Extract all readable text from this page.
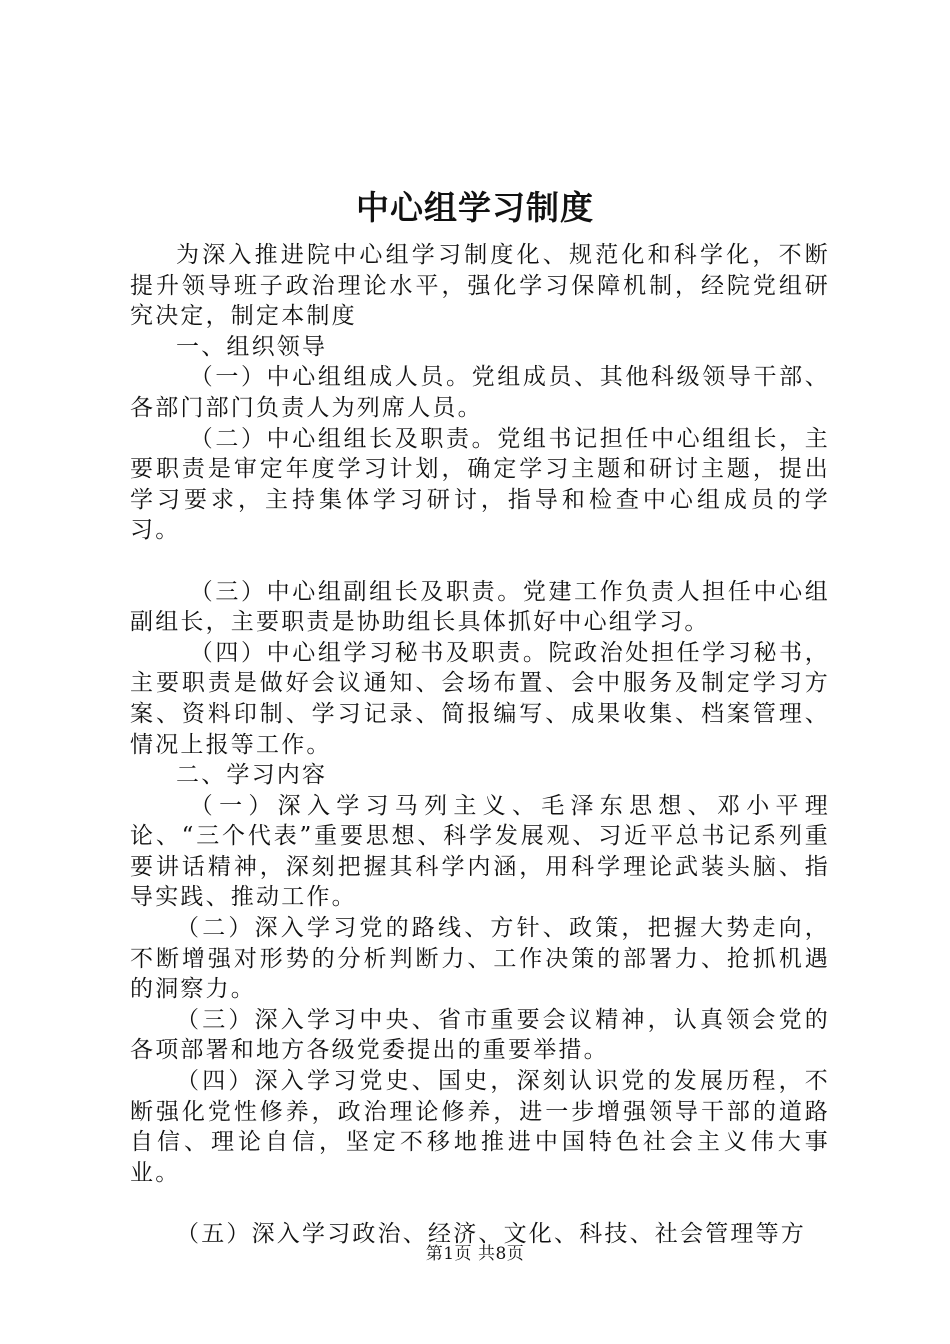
中心组学习制度

为深入推进院中心组学习制度化、规范化和科学化，不断提升领导班子政治理论水平，强化学习保障机制，经院党组研究决定，制定本制度

一、组织领导

（一）中心组组成人员。党组成员、其他科级领导干部、各部门部门负责人为列席人员。

（二）中心组组长及职责。党组书记担任中心组组长，主要职责是审定年度学习计划，确定学习主题和研讨主题，提出学习要求，主持集体学习研讨，指导和检查中心组成员的学习。

（三）中心组副组长及职责。党建工作负责人担任中心组副组长，主要职责是协助组长具体抓好中心组学习。

（四）中心组学习秘书及职责。院政治处担任学习秘书，主要职责是做好会议通知、会场布置、会中服务及制定学习方案、资料印制、学习记录、简报编写、成果收集、档案管理、情况上报等工作。

二、学习内容

（一）深入学习马列主义、毛泽东思想、邓小平理论、“三个代表”重要思想、科学发展观、习近平总书记系列重要讲话精神，深刻把握其科学内涵，用科学理论武装头脑、指导实践、推动工作。

（二）深入学习党的路线、方针、政策，把握大势走向，不断增强对形势的分析判断力、工作决策的部署力、抢抓机遇的洞察力。

（三）深入学习中央、省市重要会议精神，认真领会党的各项部署和地方各级党委提出的重要举措。

（四）深入学习党史、国史，深刻认识党的发展历程，不断强化党性修养，政治理论修养，进一步增强领导干部的道路自信、理论自信，坚定不移地推进中国特色社会主义伟大事业。

（五）深入学习政治、经济、文化、科技、社会管理等方

第1页 共8页
